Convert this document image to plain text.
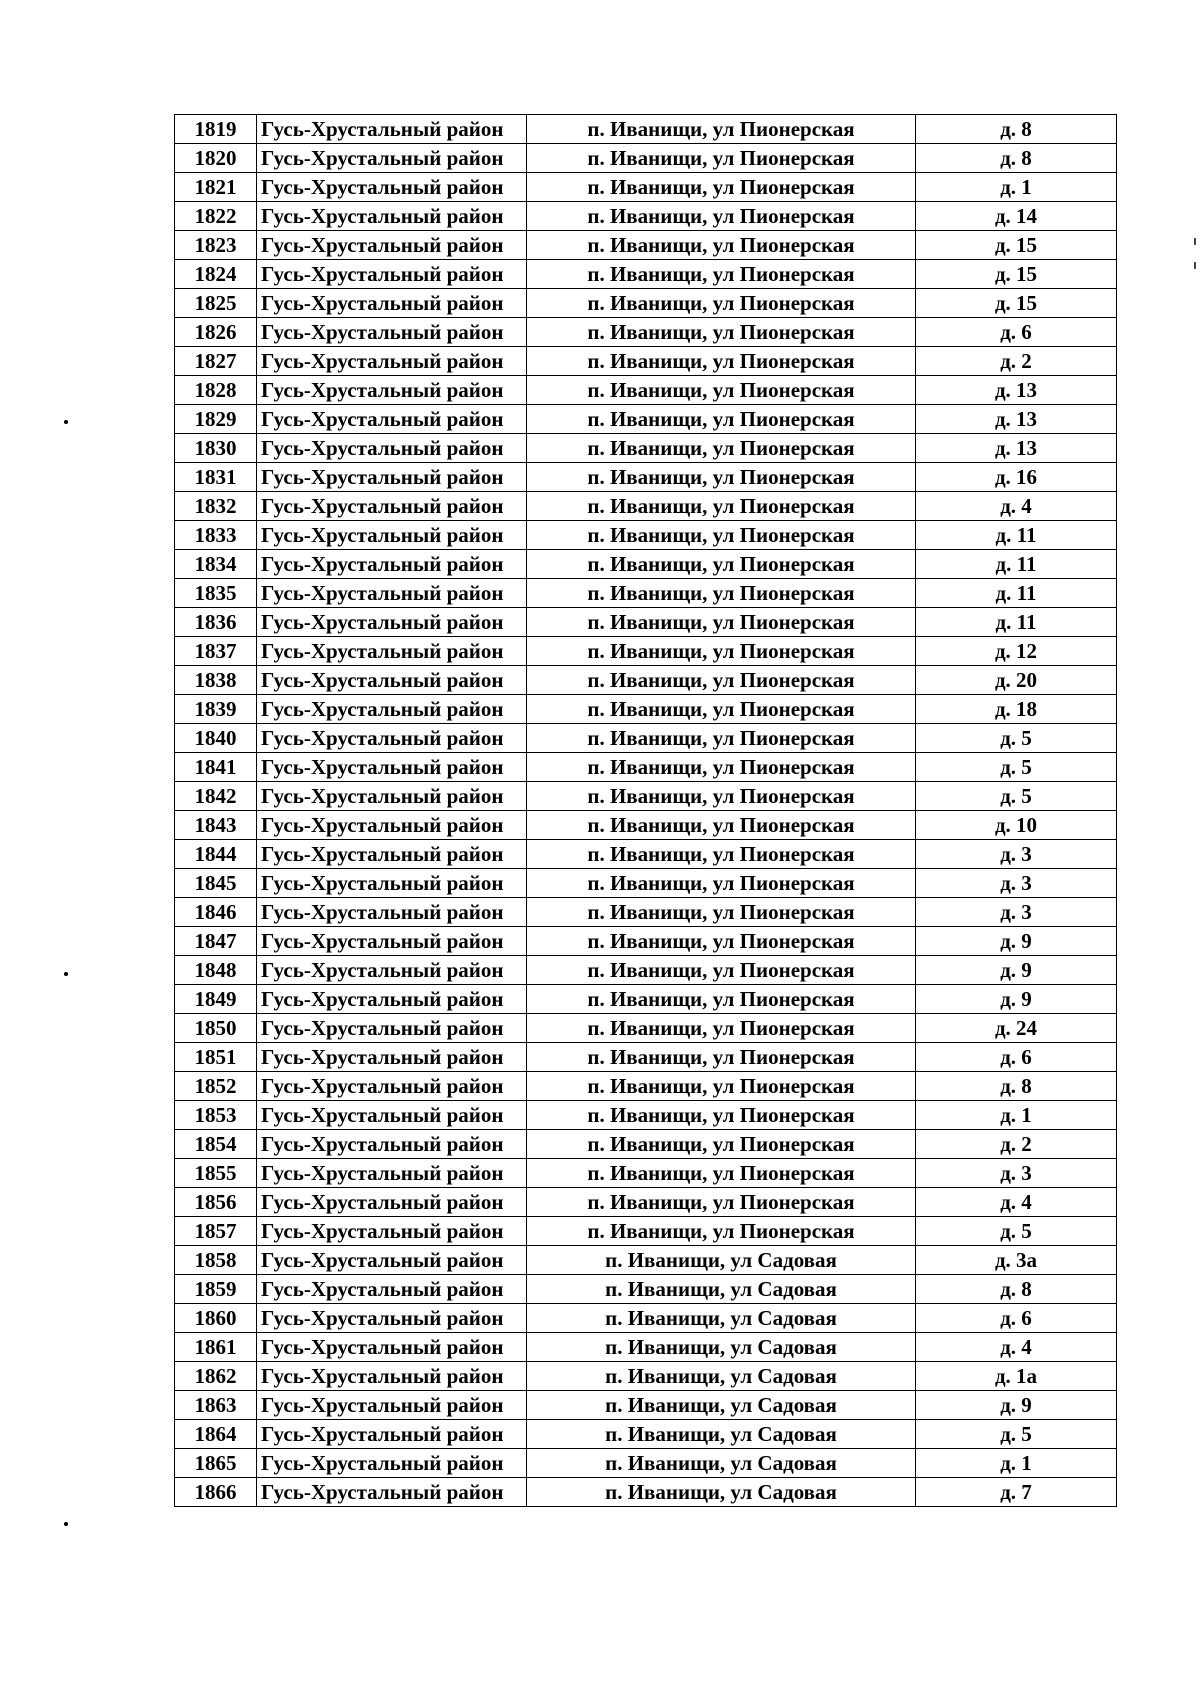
1819	Гусь-Хрустальный район	п. Иванищи, ул Пионерская	д. 8
1820	Гусь-Хрустальный район	п. Иванищи, ул Пионерская	д. 8
1821	Гусь-Хрустальный район	п. Иванищи, ул Пионерская	д. 1
1822	Гусь-Хрустальный район	п. Иванищи, ул Пионерская	д. 14
1823	Гусь-Хрустальный район	п. Иванищи, ул Пионерская	д. 15
1824	Гусь-Хрустальный район	п. Иванищи, ул Пионерская	д. 15
1825	Гусь-Хрустальный район	п. Иванищи, ул Пионерская	д. 15
1826	Гусь-Хрустальный район	п. Иванищи, ул Пионерская	д. 6
1827	Гусь-Хрустальный район	п. Иванищи, ул Пионерская	д. 2
1828	Гусь-Хрустальный район	п. Иванищи, ул Пионерская	д. 13
1829	Гусь-Хрустальный район	п. Иванищи, ул Пионерская	д. 13
1830	Гусь-Хрустальный район	п. Иванищи, ул Пионерская	д. 13
1831	Гусь-Хрустальный район	п. Иванищи, ул Пионерская	д. 16
1832	Гусь-Хрустальный район	п. Иванищи, ул Пионерская	д. 4
1833	Гусь-Хрустальный район	п. Иванищи, ул Пионерская	д. 11
1834	Гусь-Хрустальный район	п. Иванищи, ул Пионерская	д. 11
1835	Гусь-Хрустальный район	п. Иванищи, ул Пионерская	д. 11
1836	Гусь-Хрустальный район	п. Иванищи, ул Пионерская	д. 11
1837	Гусь-Хрустальный район	п. Иванищи, ул Пионерская	д. 12
1838	Гусь-Хрустальный район	п. Иванищи, ул Пионерская	д. 20
1839	Гусь-Хрустальный район	п. Иванищи, ул Пионерская	д. 18
1840	Гусь-Хрустальный район	п. Иванищи, ул Пионерская	д. 5
1841	Гусь-Хрустальный район	п. Иванищи, ул Пионерская	д. 5
1842	Гусь-Хрустальный район	п. Иванищи, ул Пионерская	д. 5
1843	Гусь-Хрустальный район	п. Иванищи, ул Пионерская	д. 10
1844	Гусь-Хрустальный район	п. Иванищи, ул Пионерская	д. 3
1845	Гусь-Хрустальный район	п. Иванищи, ул Пионерская	д. 3
1846	Гусь-Хрустальный район	п. Иванищи, ул Пионерская	д. 3
1847	Гусь-Хрустальный район	п. Иванищи, ул Пионерская	д. 9
1848	Гусь-Хрустальный район	п. Иванищи, ул Пионерская	д. 9
1849	Гусь-Хрустальный район	п. Иванищи, ул Пионерская	д. 9
1850	Гусь-Хрустальный район	п. Иванищи, ул Пионерская	д. 24
1851	Гусь-Хрустальный район	п. Иванищи, ул Пионерская	д. 6
1852	Гусь-Хрустальный район	п. Иванищи, ул Пионерская	д. 8
1853	Гусь-Хрустальный район	п. Иванищи, ул Пионерская	д. 1
1854	Гусь-Хрустальный район	п. Иванищи, ул Пионерская	д. 2
1855	Гусь-Хрустальный район	п. Иванищи, ул Пионерская	д. 3
1856	Гусь-Хрустальный район	п. Иванищи, ул Пионерская	д. 4
1857	Гусь-Хрустальный район	п. Иванищи, ул Пионерская	д. 5
1858	Гусь-Хрустальный район	п. Иванищи, ул Садовая	д. 3а
1859	Гусь-Хрустальный район	п. Иванищи, ул Садовая	д. 8
1860	Гусь-Хрустальный район	п. Иванищи, ул Садовая	д. 6
1861	Гусь-Хрустальный район	п. Иванищи, ул Садовая	д. 4
1862	Гусь-Хрустальный район	п. Иванищи, ул Садовая	д. 1а
1863	Гусь-Хрустальный район	п. Иванищи, ул Садовая	д. 9
1864	Гусь-Хрустальный район	п. Иванищи, ул Садовая	д. 5
1865	Гусь-Хрустальный район	п. Иванищи, ул Садовая	д. 1
1866	Гусь-Хрустальный район	п. Иванищи, ул Садовая	д. 7
